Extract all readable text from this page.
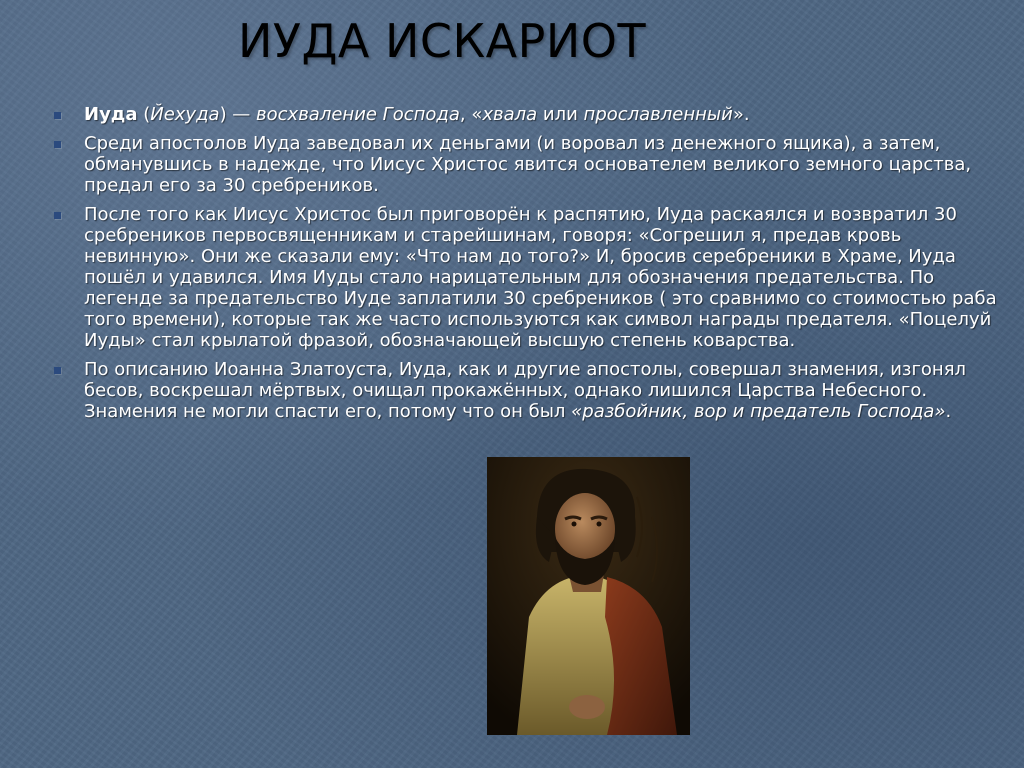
ИУДА ИСКАРИОТ
Иуда (Йехуда) — восхваление Господа, «хвала или прославленный».
Среди апостолов Иуда заведовал их деньгами (и воровал из денежного ящика), а затем, обманувшись в надежде, что Иисус Христос явится основателем великого земного царства, предал его за 30 сребреников.
После того как Иисус Христос был приговорён к распятию, Иуда раскаялся и возвратил 30 сребреников первосвященникам и старейшинам, говоря: «Согрешил я, предав кровь невинную». Они же сказали ему: «Что нам до того?» И, бросив серебреники в Храме, Иуда пошёл и удавился. Имя Иуды стало нарицательным для обозначения предательства. По легенде за предательство Иуде заплатили 30 сребреников ( это сравнимо со стоимостью раба того времени), которые так же часто используются как символ награды предателя. «Поцелуй Иуды» стал крылатой фразой, обозначающей высшую степень коварства.
По описанию Иоанна Златоуста, Иуда, как и другие апостолы, совершал знамения, изгонял бесов, воскрешал мёртвых, очищал прокажённых, однако лишился Царства Небесного. Знамения не могли спасти его, потому что он был «разбойник, вор и предатель Господа».
